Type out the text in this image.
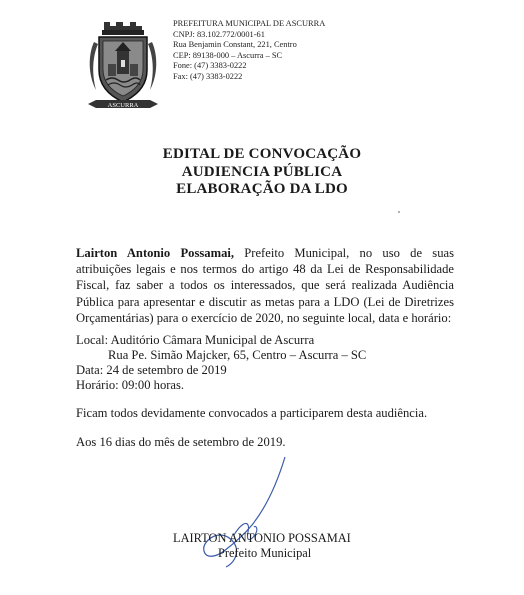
ASCURRA
PREFEITURA MUNICIPAL DE ASCURRA
CNPJ: 83.102.772/0001-61
Rua Benjamin Constant, 221, Centro
CEP: 89138-000 – Ascurra – SC
Fone: (47) 3383-0222
Fax: (47) 3383-0222
EDITAL DE CONVOCAÇÃO
AUDIENCIA PÚBLICA
ELABORAÇÃO DA LDO
Lairton Antonio Possamai, Prefeito Municipal, no uso de suas atribuições legais e nos termos do artigo 48 da Lei de Responsabilidade Fiscal, faz saber a todos os interessados, que será realizada Audiência Pública para apresentar e discutir as metas para a LDO (Lei de Diretrizes Orçamentárias) para o exercício de 2020, no seguinte local, data e horário:
Local: Auditório Câmara Municipal de Ascurra
Rua Pe. Simão Majcker, 65, Centro – Ascurra – SC
Data: 24 de setembro de 2019
Horário: 09:00 horas.
Ficam todos devidamente convocados a participarem desta audiência.
Aos 16 dias do mês de setembro de 2019.
LAIRTON ANTONIO POSSAMAI
Prefeito Municipal
